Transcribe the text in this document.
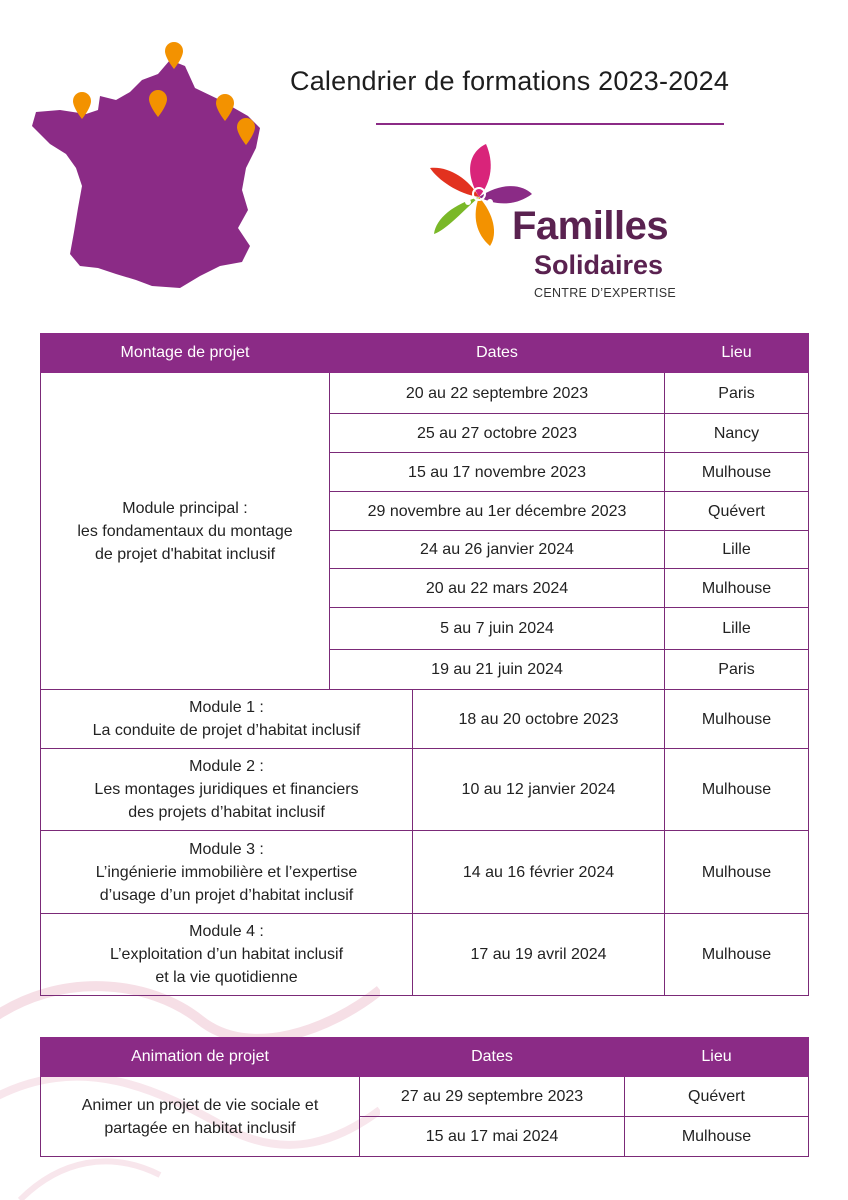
Calendrier de formations 2023-2024
Familles
Solidaires
CENTRE D’EXPERTISE
Montage de projet	Dates		Lieu

Module principal :
les fondamentaux du montage
de projet d'habitat inclusif	20 au 22 septembre 2023		Paris
	25 au 27 octobre 2023		Nancy
	15 au 17 novembre 2023		Mulhouse
	29 novembre au 1er décembre 2023		Quévert
	24 au 26 janvier 2024		Lille
	20 au 22 mars 2024		Mulhouse
	5 au 7 juin 2024		Lille
	19 au 21 juin 2024		Paris

Module 1 :
La conduite de projet d’habitat inclusif		18 au 20 octobre 2023	Mulhouse

Module 2 :
Les montages juridiques et financiers
des projets d’habitat inclusif		10 au 12 janvier 2024	Mulhouse

Module 3 :
L’ingénierie immobilière et l’expertise
d’usage d’un projet d’habitat inclusif		14 au 16 février 2024	Mulhouse

Module 4 :
L’exploitation d’un habitat inclusif
et la vie quotidienne		17 au 19 avril 2024	Mulhouse
Animation de projet	Dates	Lieu

Animer un projet de vie sociale et
partagée en habitat inclusif	27 au 29 septembre 2023	Quévert
	15 au 17 mai 2024	Mulhouse
